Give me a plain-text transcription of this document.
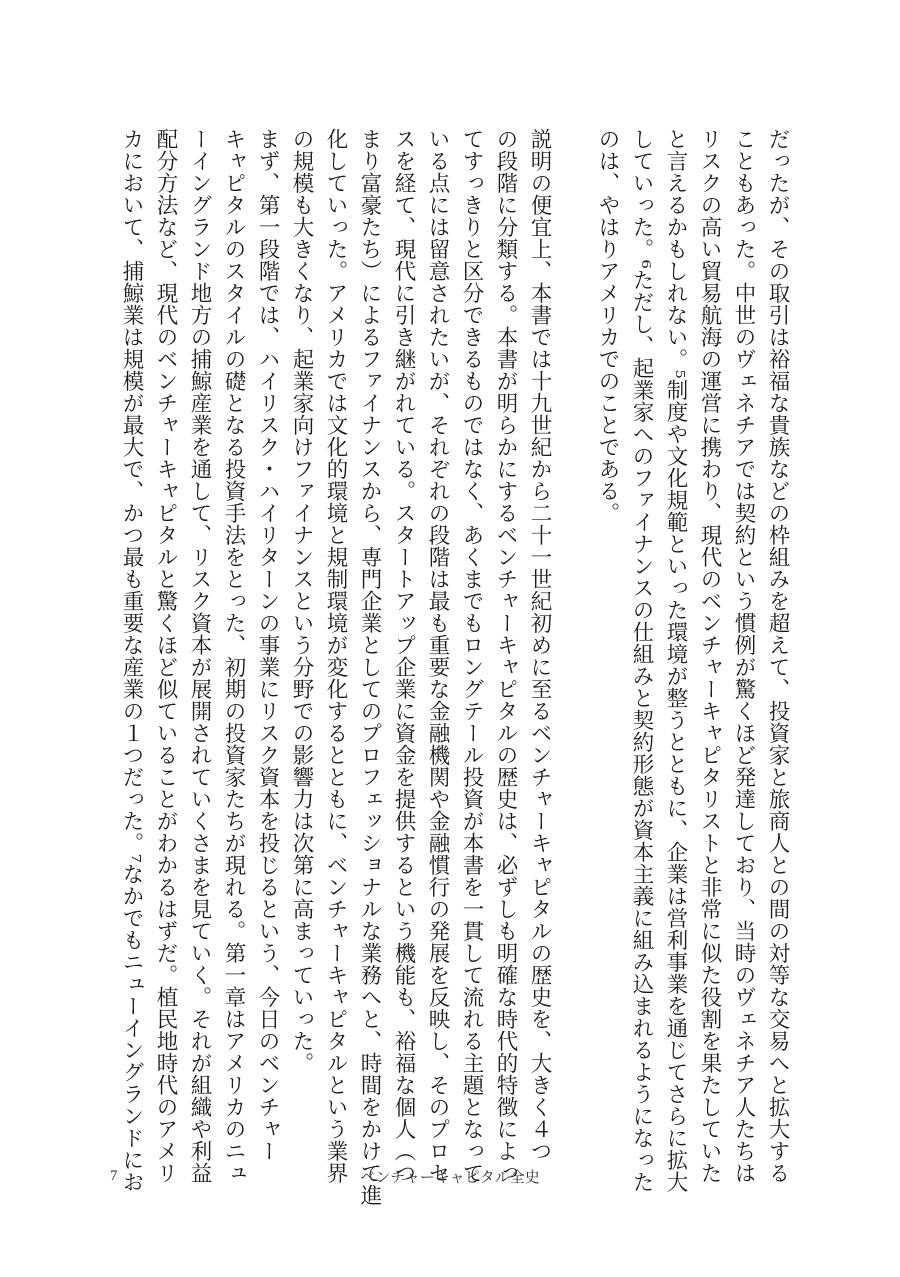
だったが、その取引は裕福な貴族などの枠組みを超えて、投資家と旅商人との間の対等な交易へと拡大する
こともあった。中世のヴェネチアでは契約という慣例が驚くほど発達しており、当時のヴェネチア人たちは
リスクの高い貿易航海の運営に携わり、現代のベンチャーキャピタリストと非常に似た役割を果たしていた
と言えるかもしれない。⁵制度や文化規範といった環境が整うとともに、企業は営利事業を通じてさらに拡大
していった。⁶ただし、起業家へのファイナンスの仕組みと契約形態が資本主義に組み込まれるようになった
のは、やはりアメリカでのことである。
説明の便宜上、本書では十九世紀から二十一世紀初めに至るベンチャーキャピタルの歴史を、大きく４つ
の段階に分類する。本書が明らかにするベンチャーキャピタルの歴史は、必ずしも明確な時代的特徴によっ
てすっきりと区分できるものではなく、あくまでもロングテール投資が本書を一貫して流れる主題となって
いる点には留意されたいが、それぞれの段階は最も重要な金融機関や金融慣行の発展を反映し、そのプロセ
スを経て、現代に引き継がれている。スタートアップ企業に資金を提供するという機能も、裕福な個人（つ
まり富豪たち）によるファイナンスから、専門企業としてのプロフェッショナルな業務へと、時間をかけて進
化していった。アメリカでは文化的環境と規制環境が変化するとともに、ベンチャーキャピタルという業界
の規模も大きくなり、起業家向けファイナンスという分野での影響力は次第に高まっていった。
まず、第一段階では、ハイリスク・ハイリターンの事業にリスク資本を投じるという、今日のベンチャー
キャピタルのスタイルの礎となる投資手法をとった、初期の投資家たちが現れる。第一章はアメリカのニュ
ーイングランド地方の捕鯨産業を通して、リスク資本が展開されていくさまを見ていく。それが組織や利益
配分方法など、現代のベンチャーキャピタルと驚くほど似ていることがわかるはずだ。植民地時代のアメリ
カにおいて、捕鯨業は規模が最大で、かつ最も重要な産業の１つだった。⁷なかでもニューイングランドにお
7	ベンチャーキャピタル全史
